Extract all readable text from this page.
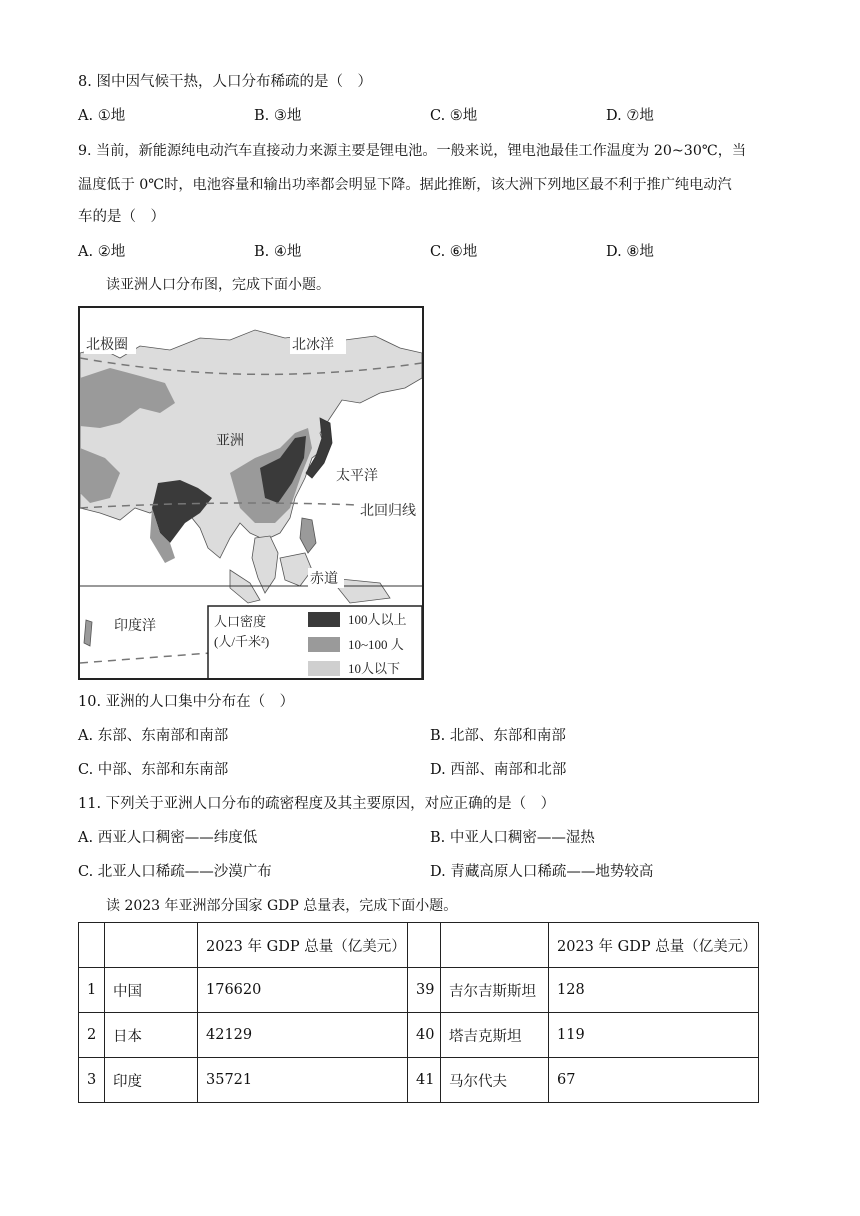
8. 图中因气候干热，人口分布稀疏的是（　）
A. ①地	B. ③地	C. ⑤地	D. ⑦地
9. 当前，新能源纯电动汽车直接动力来源主要是锂电池。一般来说，锂电池最佳工作温度为 20~30℃，当
温度低于 0℃时，电池容量和输出功率都会明显下降。据此推断，该大洲下列地区最不利于推广纯电动汽
车的是（　）
A. ②地	B. ④地	C. ⑥地	D. ⑧地
读亚洲人口分布图，完成下面小题。
北极圈	北冰洋
亚洲
太平洋
北回归线
赤道
印度洋	人口密度
(人/千米²)
100人以上
10~100 人
10人以下
10. 亚洲的人口集中分布在（　）
A. 东部、东南部和南部	B. 北部、东部和南部
C. 中部、东部和东南部	D. 西部、南部和北部
11. 下列关于亚洲人口分布的疏密程度及其主要原因，对应正确的是（　）
A. 西亚人口稠密——纬度低	B. 中亚人口稠密——湿热
C. 北亚人口稀疏——沙漠广布	D. 青藏高原人口稀疏——地势较高
读 2023 年亚洲部分国家 GDP 总量表，完成下面小题。
		2023 年 GDP 总量（亿美元）			2023 年 GDP 总量（亿美元）
1	中国	176620	39	吉尔吉斯斯坦	128
2	日本	42129	40	塔吉克斯坦	119
3	印度	35721	41	马尔代夫	67
